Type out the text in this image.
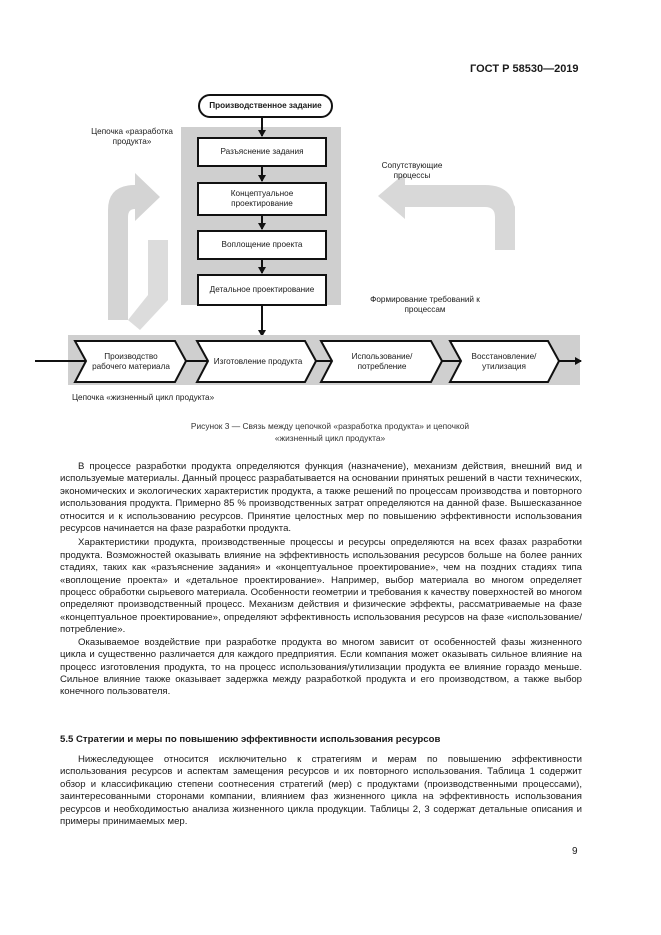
ГОСТ Р 58530—2019
Производственное задание
Цепочка «разработка продукта»
Разъяснение задания
Концептуальное проектирование
Воплощение проекта
Детальное проектирование
Сопутствующие процессы
Формирование требований к процессам
Производство рабочего материала
Изготовление продукта
Использование/ потребление
Восстановление/ утилизация
Цепочка «жизненный цикл продукта»
Рисунок 3 — Связь между цепочкой «разработка продукта» и цепочкой
«жизненный цикл продукта»

В процессе разработки продукта определяются функция (назначение), механизм действия, внешний вид и используемые материалы. Данный процесс разрабатывается на основании принятых решений в части технических, экономических и экологических характеристик продукта, а также решений по процессам производства и повторного использования продукта. Примерно 85 % производственных затрат определяются на данной фазе. Вышесказанное относится и к использованию ресурсов. Принятие целостных мер по повышению эффективности использования ресурсов начинается на фазе разработки продукта.

Характеристики продукта, производственные процессы и ресурсы определяются на всех фазах разработки продукта. Возможностей оказывать влияние на эффективность использования ресурсов больше на более ранних стадиях, таких как «разъяснение задания» и «концептуальное проектирование», чем на поздних стадиях типа «воплощение проекта» и «детальное проектирование». Например, выбор материала во многом определяет процесс обработки сырьевого материала. Особенности геометрии и требования к качеству поверхностей во многом определяют производственный процесс. Механизм действия и физические эффекты, рассматриваемые на фазе «концептуальное проектирование», определяют эффективность использования ресурсов на фазе «использование/потребление».

Оказываемое воздействие при разработке продукта во многом зависит от особенностей фазы жизненного цикла и существенно различается для каждого предприятия. Если компания может оказывать сильное влияние на процесс изготовления продукта, то на процесс использования/утилизации продукта ее влияние гораздо меньше. Сильное влияние также оказывает задержка между разработкой продукта и его производством, а также выбор конечного пользователя.

5.5 Стратегии и меры по повышению эффективности использования ресурсов

Нижеследующее относится исключительно к стратегиям и мерам по повышению эффективности использования ресурсов и аспектам замещения ресурсов и их повторного использования. Таблица 1 содержит обзор и классификацию степени соотнесения стратегий (мер) с продуктами (производственными процессами), заинтересованными сторонами компании, влиянием фаз жизненного цикла на эффективность использования ресурсов и необходимостью анализа жизненного цикла продукции. Таблицы 2, 3 содержат детальные описания и примеры принимаемых мер.

9
